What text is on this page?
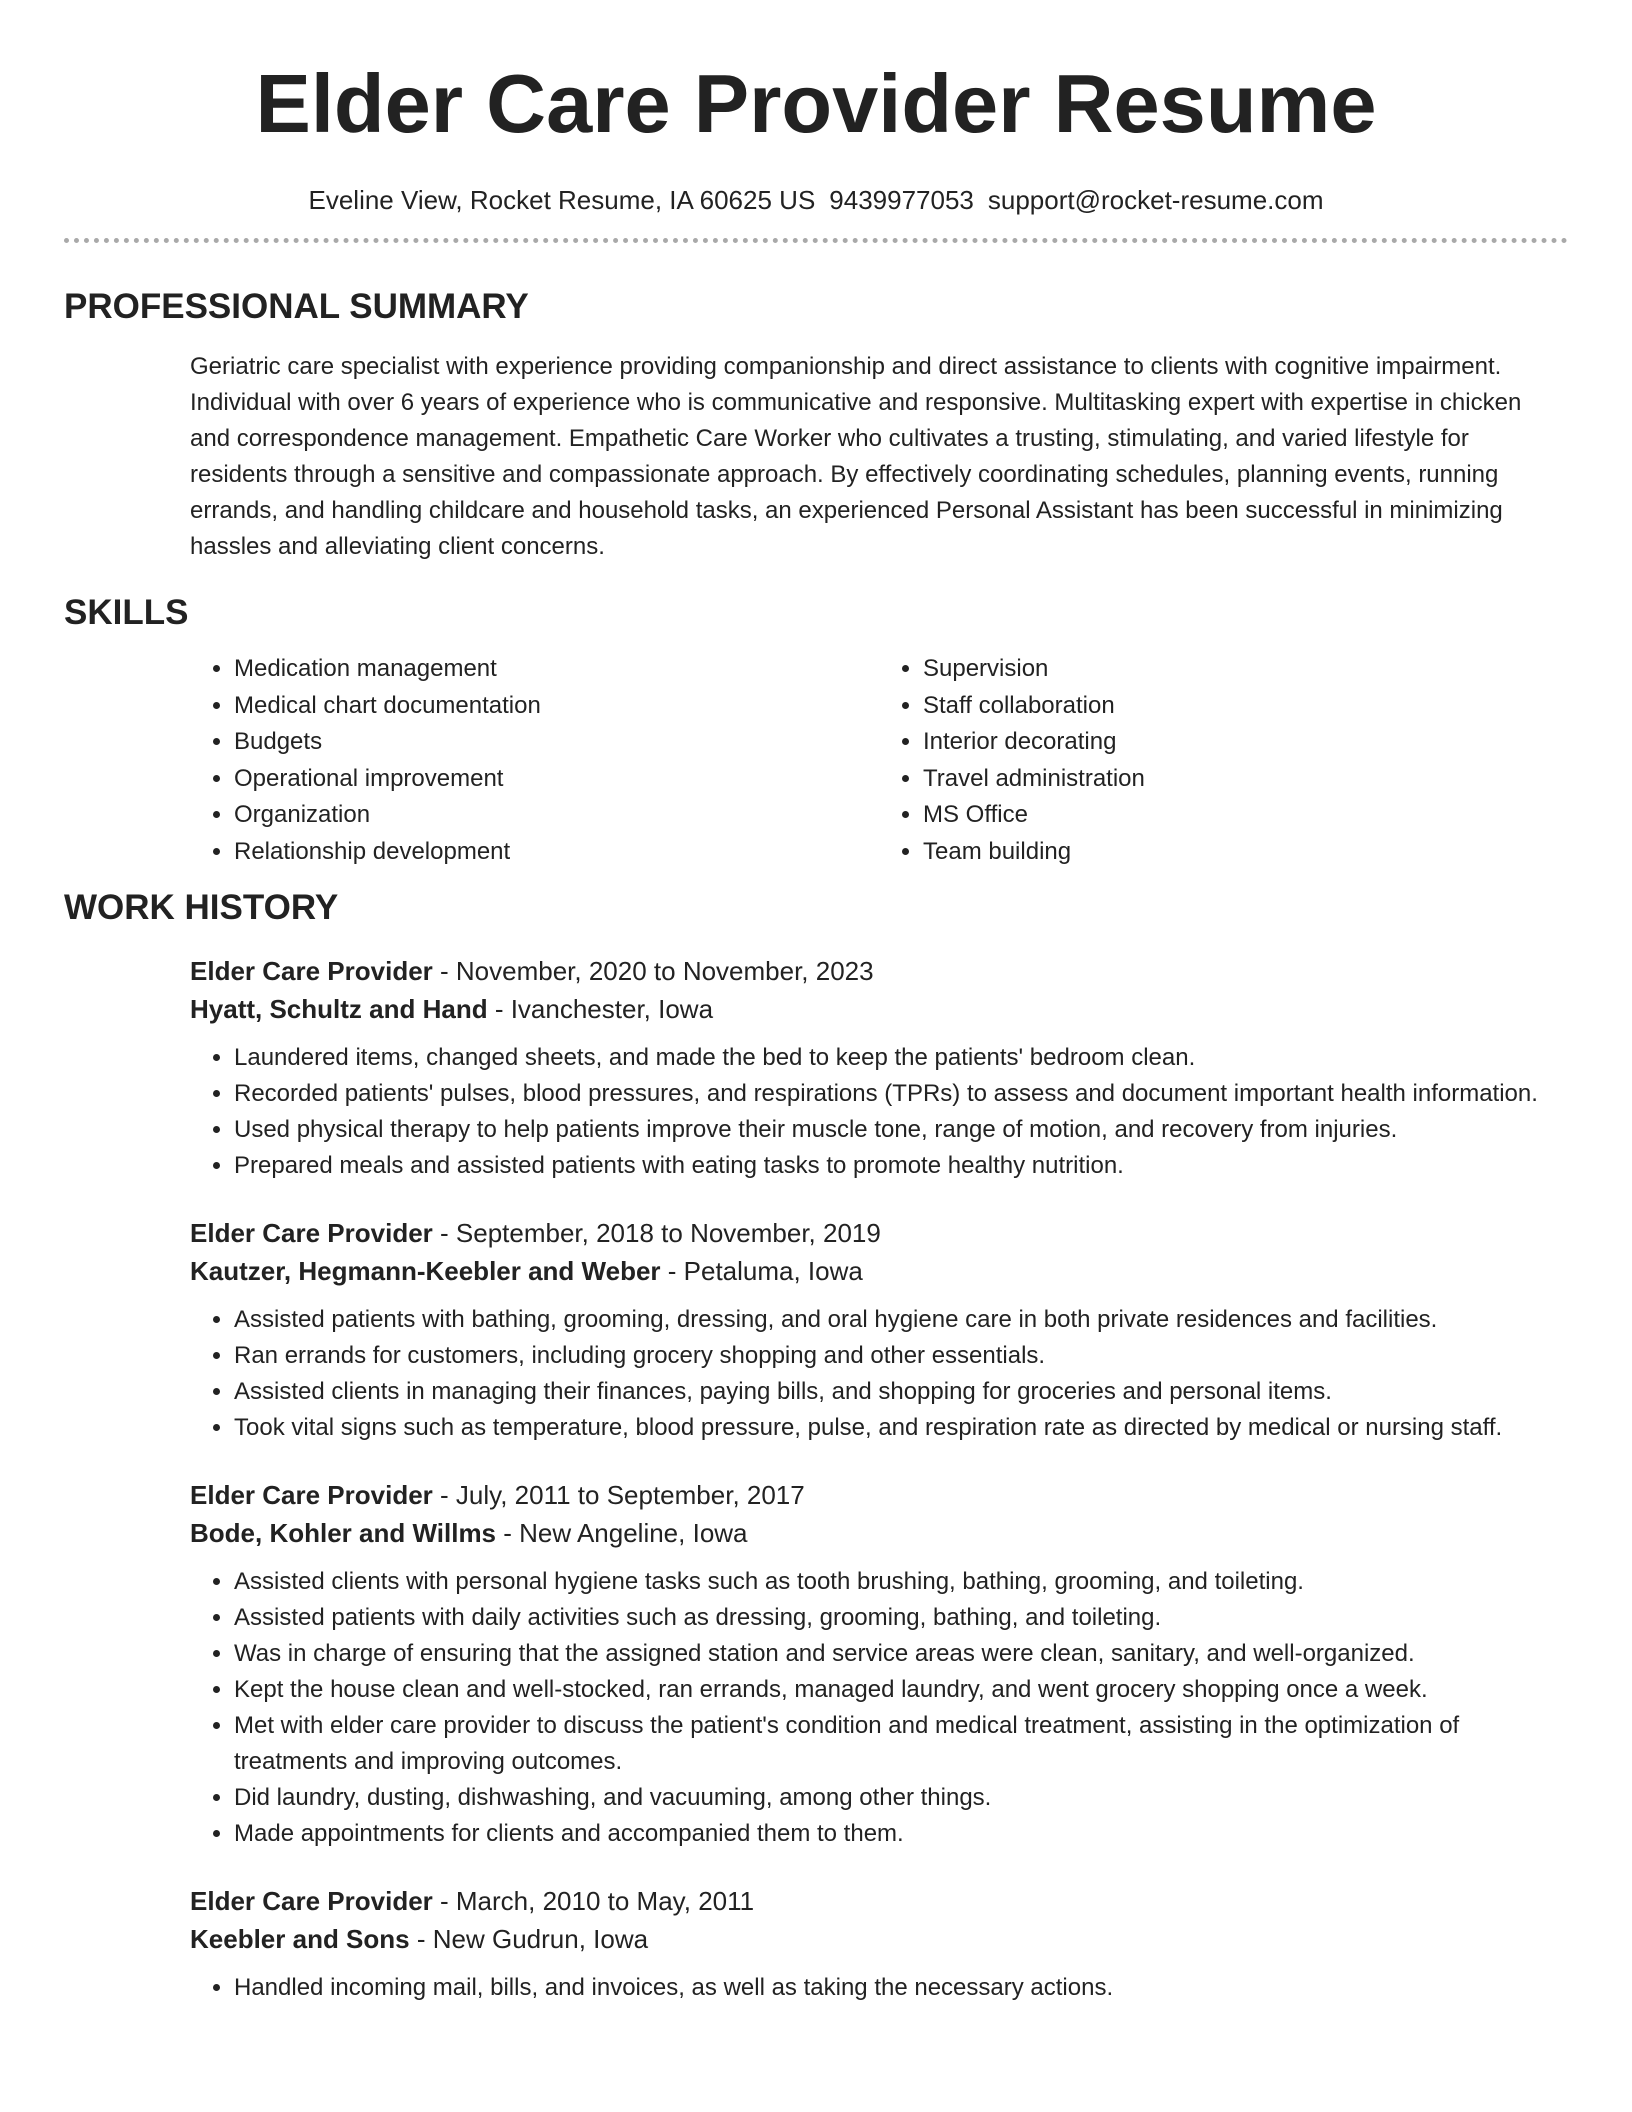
Elder Care Provider Resume
Eveline View, Rocket Resume, IA 60625 US 9439977053 support@rocket-resume.com
PROFESSIONAL SUMMARY

Geriatric care specialist with experience providing companionship and direct assistance to clients with cognitive impairment. Individual with over 6 years of experience who is communicative and responsive. Multitasking expert with expertise in chicken and correspondence management. Empathetic Care Worker who cultivates a trusting, stimulating, and varied lifestyle for residents through a sensitive and compassionate approach. By effectively coordinating schedules, planning events, running errands, and handling childcare and household tasks, an experienced Personal Assistant has been successful in minimizing hassles and alleviating client concerns.

SKILLS
• Medication management
• Medical chart documentation
• Budgets
• Operational improvement
• Organization
• Relationship development
• Supervision
• Staff collaboration
• Interior decorating
• Travel administration
• MS Office
• Team building
WORK HISTORY
Elder Care Provider - November, 2020 to November, 2023
Hyatt, Schultz and Hand - Ivanchester, Iowa
• Laundered items, changed sheets, and made the bed to keep the patients' bedroom clean.
• Recorded patients' pulses, blood pressures, and respirations (TPRs) to assess and document important health information.
• Used physical therapy to help patients improve their muscle tone, range of motion, and recovery from injuries.
• Prepared meals and assisted patients with eating tasks to promote healthy nutrition.
Elder Care Provider - September, 2018 to November, 2019
Kautzer, Hegmann-Keebler and Weber - Petaluma, Iowa
• Assisted patients with bathing, grooming, dressing, and oral hygiene care in both private residences and facilities.
• Ran errands for customers, including grocery shopping and other essentials.
• Assisted clients in managing their finances, paying bills, and shopping for groceries and personal items.
• Took vital signs such as temperature, blood pressure, pulse, and respiration rate as directed by medical or nursing staff.
Elder Care Provider - July, 2011 to September, 2017
Bode, Kohler and Willms - New Angeline, Iowa
• Assisted clients with personal hygiene tasks such as tooth brushing, bathing, grooming, and toileting.
• Assisted patients with daily activities such as dressing, grooming, bathing, and toileting.
• Was in charge of ensuring that the assigned station and service areas were clean, sanitary, and well-organized.
• Kept the house clean and well-stocked, ran errands, managed laundry, and went grocery shopping once a week.
• Met with elder care provider to discuss the patient's condition and medical treatment, assisting in the optimization of treatments and improving outcomes.
• Did laundry, dusting, dishwashing, and vacuuming, among other things.
• Made appointments for clients and accompanied them to them.
Elder Care Provider - March, 2010 to May, 2011
Keebler and Sons - New Gudrun, Iowa
• Handled incoming mail, bills, and invoices, as well as taking the necessary actions.
